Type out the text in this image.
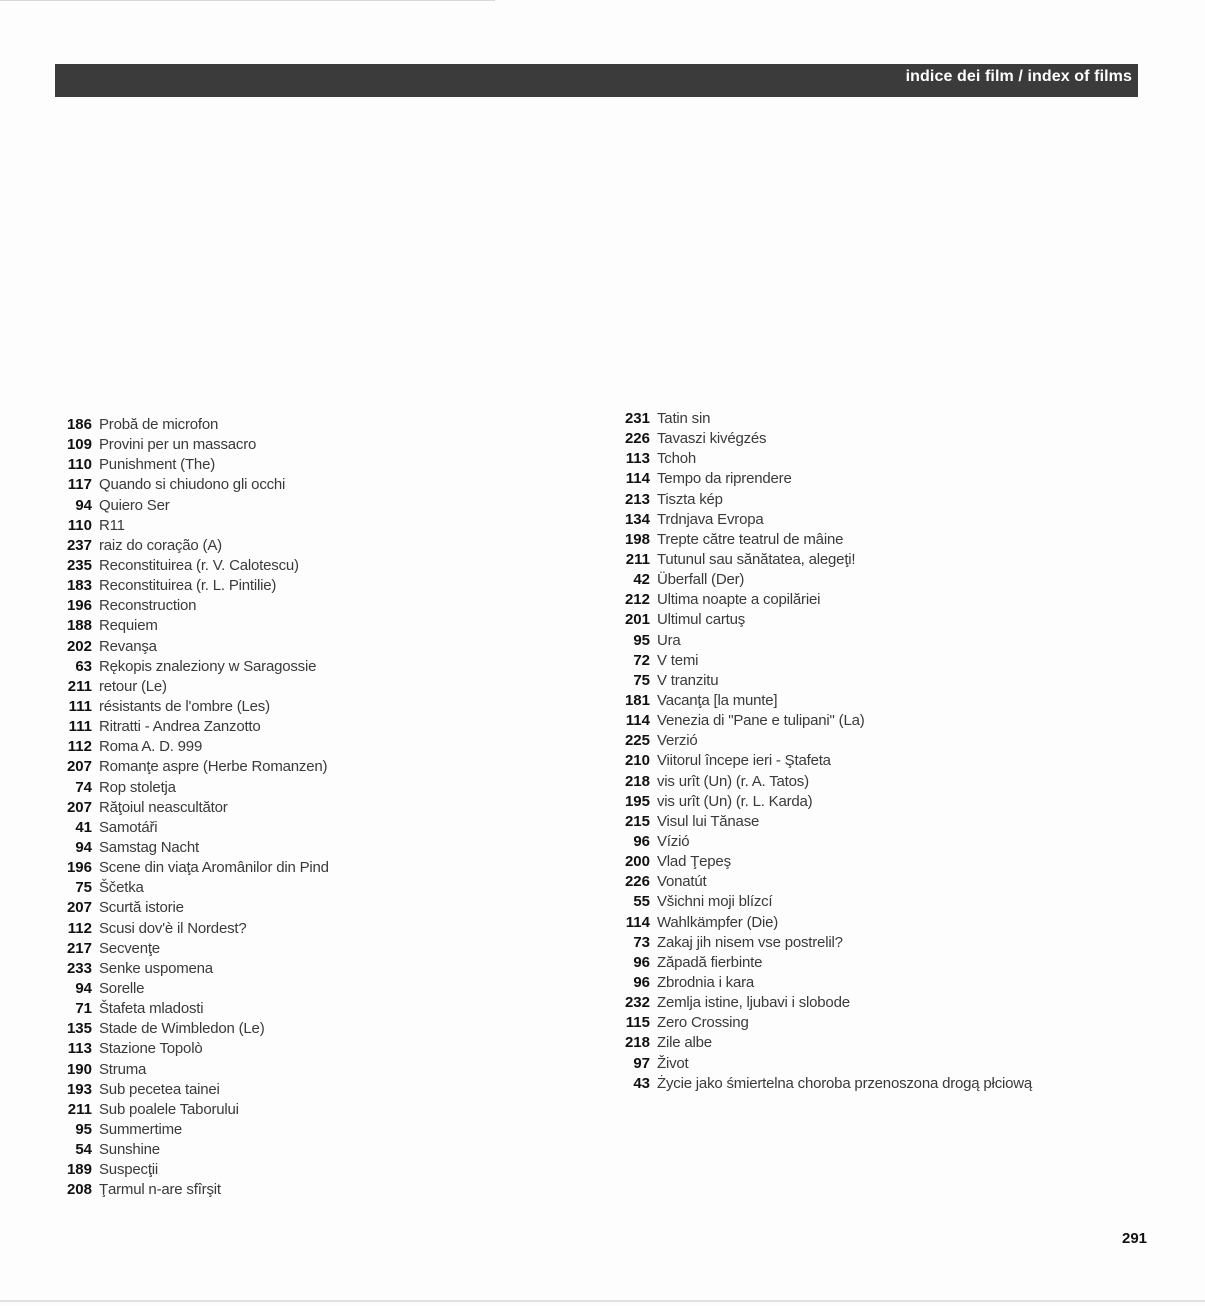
indice dei film / index of films
186 Probă de microfon
109 Provini per un massacro
110 Punishment (The)
117 Quando si chiudono gli occhi
94 Quiero Ser
110 R11
237 raiz do coração (A)
235 Reconstituirea (r. V. Calotescu)
183 Reconstituirea (r. L. Pintilie)
196 Reconstruction
188 Requiem
202 Revanşa
63 Rękopis znaleziony w Saragossie
211 retour (Le)
111 résistants de l'ombre (Les)
111 Ritratti - Andrea Zanzotto
112 Roma A. D. 999
207 Romanţe aspre (Herbe Romanzen)
74 Rop stoletja
207 Răţoiul neascultător
41 Samotáři
94 Samstag Nacht
196 Scene din viaţa Aromânilor din Pind
75 Ščetka
207 Scurtă istorie
112 Scusi dov'è il Nordest?
217 Secvenţe
233 Senke uspomena
94 Sorelle
71 Štafeta mladosti
135 Stade de Wimbledon (Le)
113 Stazione Topolò
190 Struma
193 Sub pecetea tainei
211 Sub poalele Taborului
95 Summertime
54 Sunshine
189 Suspecţii
208 Ţarmul n-are sfîrşit
231 Tatin sin
226 Tavaszi kivégzés
113 Tchoh
114 Tempo da riprendere
213 Tiszta kép
134 Trdnjava Evropa
198 Trepte către teatrul de mâine
211 Tutunul sau sănătatea, alegeţi!
42 Überfall (Der)
212 Ultima noapte a copilăriei
201 Ultimul cartuş
95 Ura
72 V temi
75 V tranzitu
181 Vacanţa [la munte]
114 Venezia di "Pane e tulipani" (La)
225 Verzió
210 Viitorul începe ieri - Ştafeta
218 vis urît (Un) (r. A. Tatos)
195 vis urît (Un) (r. L. Karda)
215 Visul lui Tănase
96 Vízió
200 Vlad Ţepeş
226 Vonatút
55 Všichni moji blízcí
114 Wahlkämpfer (Die)
73 Zakaj jih nisem vse postrelil?
96 Zăpadă fierbinte
96 Zbrodnia i kara
232 Zemlja istine, ljubavi i slobode
115 Zero Crossing
218 Zile albe
97 Život
43 Życie jako śmiertelna choroba przenoszona drogą płciową
291
